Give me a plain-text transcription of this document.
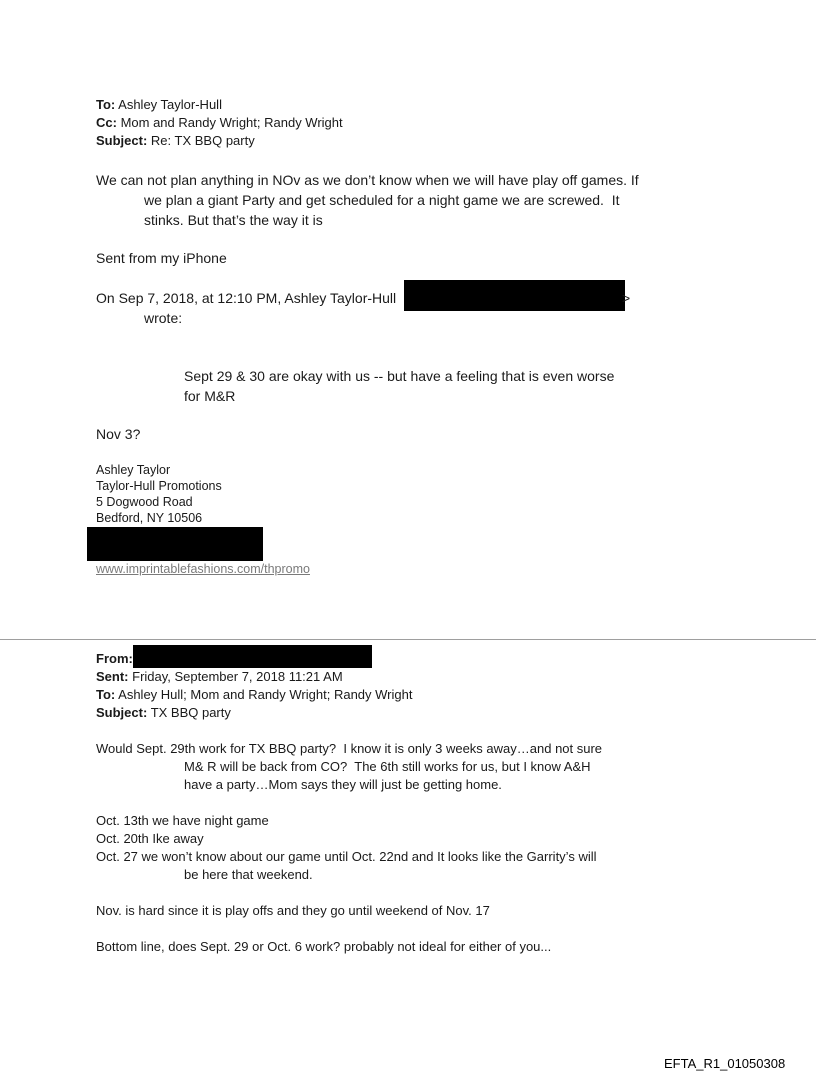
To: Ashley Taylor-Hull
Cc: Mom and Randy Wright; Randy Wright
Subject: Re: TX BBQ party

We can not plan anything in NOv as we don’t know when we will have play off games. If

we plan a giant Party and get scheduled for a night game we are screwed.  It

stinks. But that’s the way it is

Sent from my iPhone
On Sep 7, 2018, at 12:10 PM, Ashley Taylor-Hull	>
wrote:

Sept 29 & 30 are okay with us -- but have a feeling that is even worse

for M&R

Nov 3?
Ashley Taylor
Taylor-Hull Promotions
5 Dogwood Road
Bedford, NY 10506
www.imprintablefashions.com/thpromo
From:
Sent: Friday, September 7, 2018 11:21 AM
To: Ashley Hull; Mom and Randy Wright; Randy Wright
Subject: TX BBQ party

Would Sept. 29th work for TX BBQ party?  I know it is only 3 weeks away…and not sure

M& R will be back from CO?  The 6th still works for us, but I know A&H

have a party…Mom says they will just be getting home.

Oct. 13th we have night game

Oct. 20th Ike away

Oct. 27 we won’t know about our game until Oct. 22nd and It looks like the Garrity’s will

be here that weekend.

Nov. is hard since it is play offs and they go until weekend of Nov. 17
Bottom line, does Sept. 29 or Oct. 6 work? probably not ideal for either of you...
EFTA_R1_01050308
